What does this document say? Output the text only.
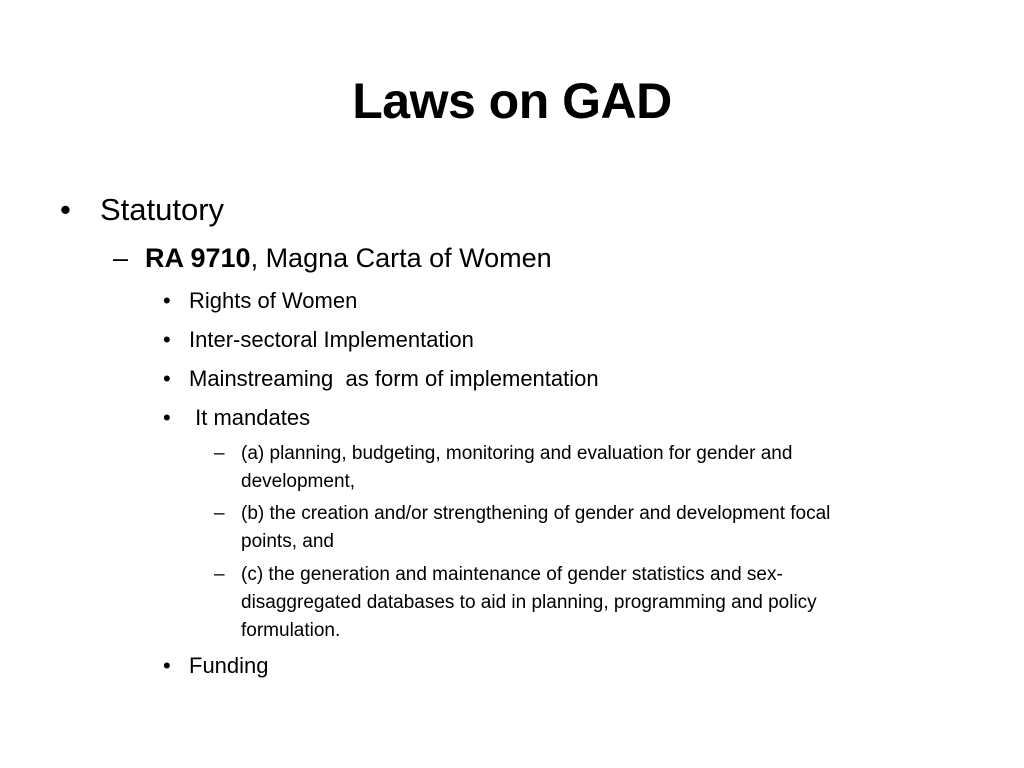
Laws on GAD
• Statutory
– RA 9710, Magna Carta of Women
• Rights of Women
• Inter-sectoral Implementation
• Mainstreaming  as form of implementation
• It mandates
– (a) planning, budgeting, monitoring and evaluation for gender and
development,
– (b) the creation and/or strengthening of gender and development focal
points, and
– (c) the generation and maintenance of gender statistics and sex-
disaggregated databases to aid in planning, programming and policy
formulation.
• Funding
